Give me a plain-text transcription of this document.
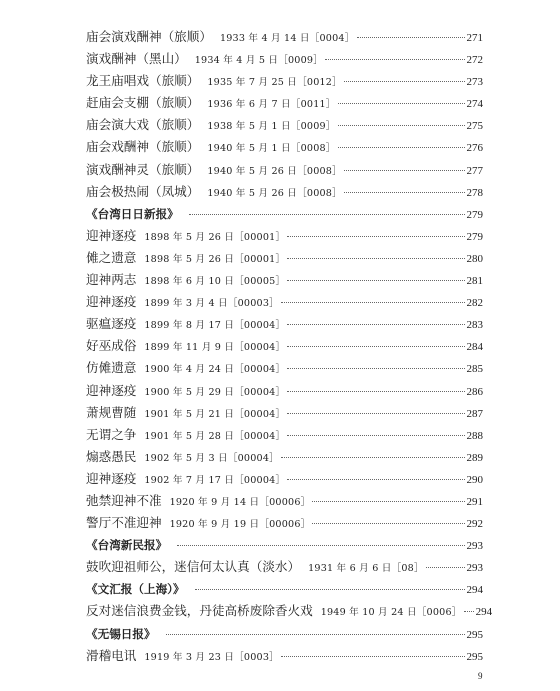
庙会演戏酬神（旅顺） 1933 年 4 月 14 日［0004］	271
演戏酬神（黑山） 1934 年 4 月 5 日［0009］	272
龙王庙唱戏（旅顺） 1935 年 7 月 25 日［0012］	273
赶庙会支棚（旅顺） 1936 年 6 月 7 日［0011］	274
庙会演大戏（旅顺） 1938 年 5 月 1 日［0009］	275
庙会戏酬神（旅顺） 1940 年 5 月 1 日［0008］	276
演戏酬神灵（旅顺） 1940 年 5 月 26 日［0008］	277
庙会极热闹（凤城） 1940 年 5 月 26 日［0008］	278
《台湾日日新报》	279
迎神逐疫 1898 年 5 月 26 日［00001］	279
傩之遗意 1898 年 5 月 26 日［00001］	280
迎神两志 1898 年 6 月 10 日［00005］	281
迎神逐疫 1899 年 3 月 4 日［00003］	282
驱瘟逐疫 1899 年 8 月 17 日［00004］	283
好巫成俗 1899 年 11 月 9 日［00004］	284
仿傩遗意 1900 年 4 月 24 日［00004］	285
迎神逐疫 1900 年 5 月 29 日［00004］	286
萧规曹随 1901 年 5 月 21 日［00004］	287
无谓之争 1901 年 5 月 28 日［00004］	288
煽惑愚民 1902 年 5 月 3 日［00004］	289
迎神逐疫 1902 年 7 月 17 日［00004］	290
弛禁迎神不准 1920 年 9 月 14 日［00006］	291
警厅不准迎神 1920 年 9 月 19 日［00006］	292
《台湾新民报》	293
鼓吹迎祖师公，迷信何太认真（淡水） 1931 年 6 月 6 日［08］	293
《文汇报（上海）》	294
反对迷信浪费金钱，丹徒高桥废除香火戏 1949 年 10 月 24 日［0006］ 294
《无锡日报》	295
滑稽电讯 1919 年 3 月 23 日［0003］	295
9
